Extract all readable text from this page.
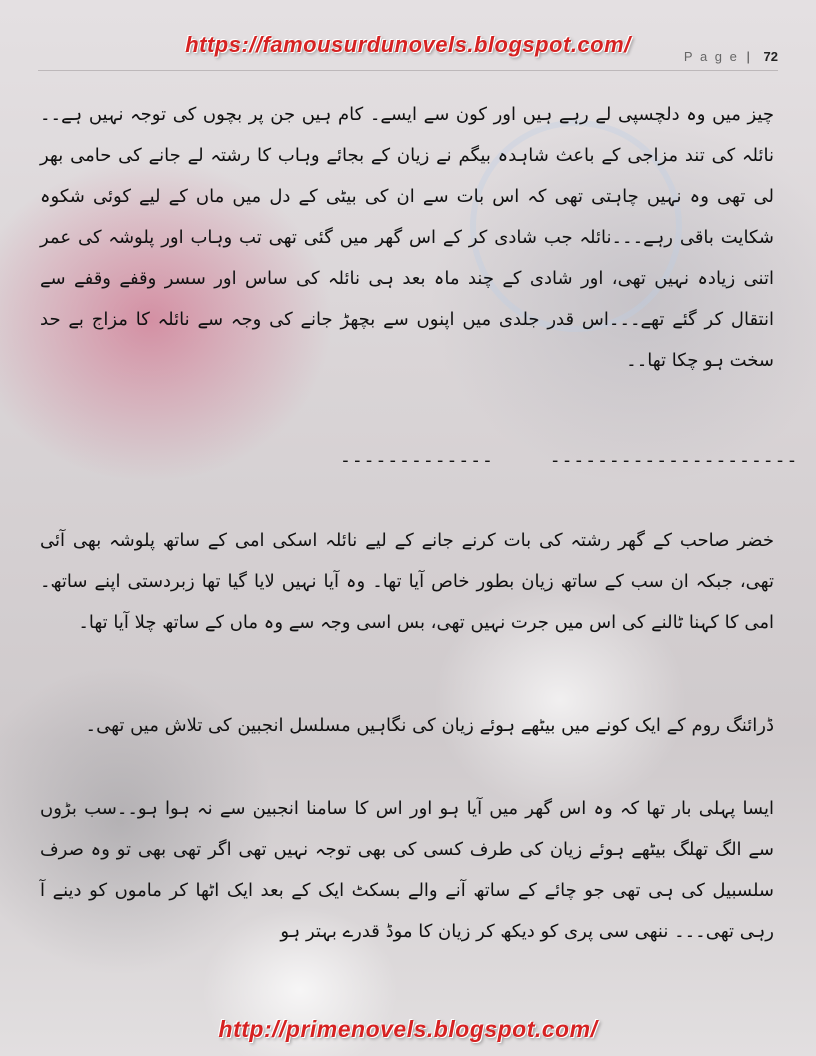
https://famousurdunovels.blogspot.com/	P a g e | 72
چیز میں وہ دلچسپی لے رہے ہیں اور کون سے ایسے۔ کام ہیں جن پر بچوں کی توجہ نہیں ہے۔۔نائلہ کی تند مزاجی کے باعث شاہدہ بیگم نے زیان کے بجائے وہاب کا رشتہ لے جانے کی حامی بھر لی تھی وہ نہیں چاہتی تھی کہ اس بات سے ان کی بیٹی کے دل میں ماں کے لیے کوئی شکوہ شکایت باقی رہے۔۔۔نائلہ جب شادی کر کے اس گھر میں گئی تھی تب وہاب اور پلوشہ کی عمر اتنی زیادہ نہیں تھی، اور شادی کے چند ماہ بعد ہی نائلہ کی ساس اور سسر وقفے وقفے سے انتقال کر گئے تھے۔۔۔اس قدر جلدی میں اپنوں سے بچھڑ جانے کی وجہ سے نائلہ کا مزاج بے حد سخت ہو چکا تھا۔۔
-------------	---------------------
خضر صاحب کے گھر رشتہ کی بات کرنے جانے کے لیے نائلہ اسکی امی کے ساتھ پلوشہ بھی آئی تھی، جبکہ ان سب کے ساتھ زیان بطور خاص آیا تھا۔ وہ آیا نہیں لایا گیا تھا زبردستی اپنے ساتھ۔امی کا کہنا ٹالنے کی اس میں جرت نہیں تھی، بس اسی وجہ سے وہ ماں کے ساتھ چلا آیا تھا۔
ڈرائنگ روم کے ایک کونے میں بیٹھے ہوئے زیان کی نگاہیں مسلسل انجبین کی تلاش میں تھی۔
ایسا پہلی بار تھا کہ وہ اس گھر میں آیا ہو اور اس کا سامنا انجبین سے نہ ہوا ہو۔۔سب بڑوں سے الگ تھلگ بیٹھے ہوئے زیان کی طرف کسی کی بھی توجہ نہیں تھی اگر تھی بھی تو وہ صرف سلسبیل کی ہی تھی جو چائے کے ساتھ آنے والے بسکٹ ایک کے بعد ایک اٹھا کر ماموں کو دینے آ رہی تھی۔۔۔ ننھی سی پری کو دیکھ کر زیان کا موڈ قدرے بہتر ہو
http://primenovels.blogspot.com/
